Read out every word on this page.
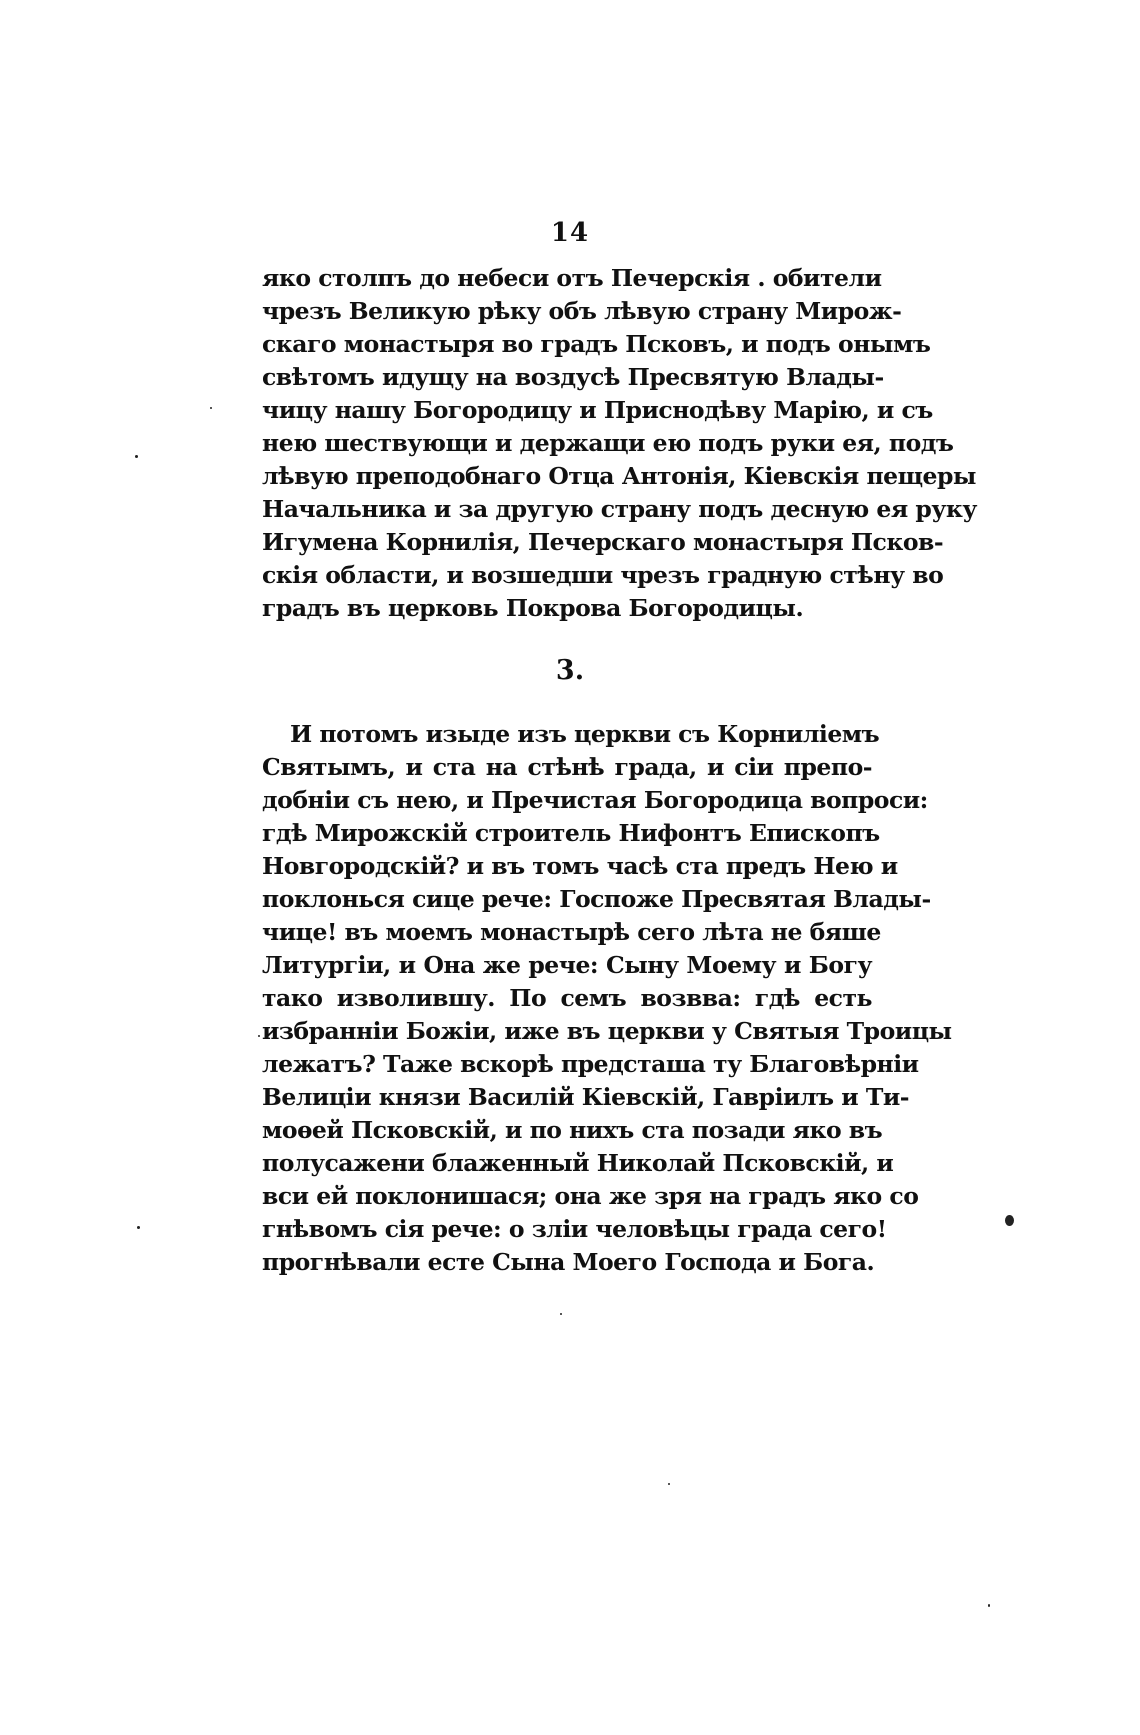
14
яко столпъ до небеси отъ Печерскія . обители
чрезъ Великую рѣку объ лѣвую страну Мирож-
скаго монастыря во градъ Псковъ, и подъ онымъ
свѣтомъ идущу на воздусѣ Пресвятую Влады-
чицу нашу Богородицу и Приснодѣву Марію, и съ
нею шествующи и держащи ею подъ руки ея, подъ
лѣвую преподобнаго Отца Антонія, Кіевскія пещеры
Начальника и за другую страну подъ десную ея руку
Игумена Корнилія, Печерскаго монастыря Псков-
скія области, и возшедши чрезъ градную стѣну во
градъ въ церковь Покрова Богородицы.
3.
И потомъ изыде изъ церкви съ Корниліемъ
Святымъ, и ста на стѣнѣ града, и сіи препо-
добніи съ нею, и Пречистая Богородица вопроси:
гдѣ Мирожскій строитель Нифонтъ Епископъ
Новгородскій? и въ томъ часѣ ста предъ Нею и
поклонься сице рече: Госпоже Пресвятая Влады-
чице! въ моемъ монастырѣ сего лѣта не бяше
Литургіи, и Она же рече: Сыну Моему и Богу
тако изволившу. По семъ возвва: гдѣ есть
избранніи Божіи, иже въ церкви у Святыя Троицы
лежатъ? Таже вскорѣ предсташа ту Благовѣрніи
Велицiи князи Василій Кіевскій, Гавріилъ и Ти-
моѳей Псковскій, и по нихъ ста позади яко въ
полусажени блаженный Николай Псковскій, и
вси ей поклонишася; она же зря на градъ яко со
гнѣвомъ сія рече: о зліи человѣцы града сего!
прогнѣвали есте Сына Моего Господа и Бога.
